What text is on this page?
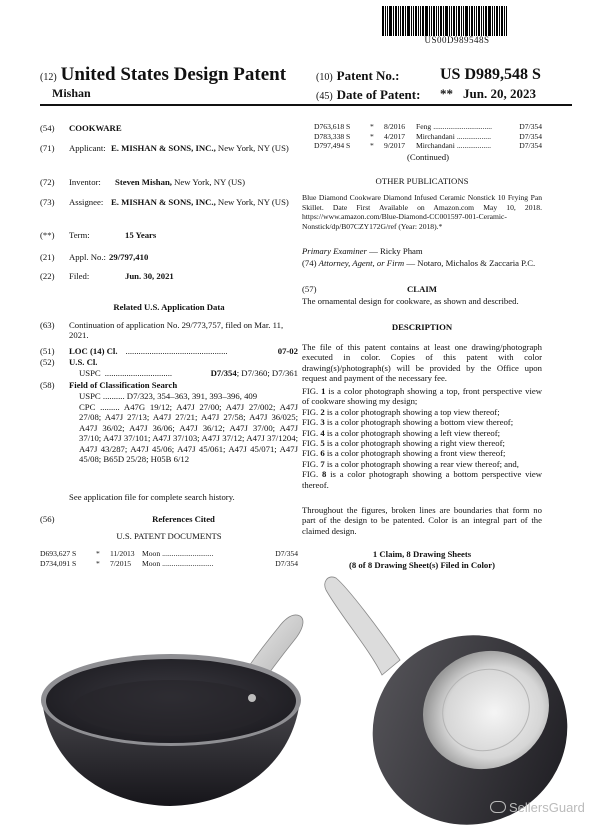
US00D989548S
(12) United States Design Patent
Mishan
(10) Patent No.:
(45) Date of Patent:
US D989,548 S
** Jun. 20, 2023
(54) COOKWARE
(71) Applicant: E. MISHAN & SONS, INC., New York, NY (US)
(72) Inventor: Steven Mishan, New York, NY (US)
(73) Assignee: E. MISHAN & SONS, INC., New York, NY (US)
(**) Term:	15 Years
(21) Appl. No.: 29/797,410
(22) Filed:	Jun. 30, 2021
Related U.S. Application Data
(63) Continuation of application No. 29/773,757, filed on Mar. 11, 2021.
(51) LOC (14) Cl. ...............................................	07-02
(52) U.S. Cl.
USPC ...............................	D7/354 ; D7/360; D7/361
(58) Field of Classification Search
USPC .......... D7/323, 354–363, 391, 393–396, 409
CPC ......... A47G 19/12; A47J 27/00; A47J 27/002; A47J 27/08; A47J 27/13; A47J 27/21; A47J 27/58; A47J 36/025; A47J 36/02; A47J 36/06; A47J 36/12; A47J 37/00; A47J 37/10; A47J 37/101; A47J 37/103; A47J 37/12; A47J 37/1204; A47J 43/287; A47J 45/06; A47J 45/061; A47J 45/071; A47J 45/08; B65D 25/28; H05B 6/12
See application file for complete search history.
(56)	References Cited
U.S. PATENT DOCUMENTS
D693,627 S	*	11/2013 Moon ...........................	D7/354
D734,091 S	*	7/2015	Moon ...........................	D7/354
D763,618 S	*	8/2016	Feng ...............................	D7/354
D783,338 S	*	4/2017	Mirchandani ..................	D7/354
D797,494 S	*	9/2017	Mirchandani ..................	D7/354
(Continued)
OTHER PUBLICATIONS
Blue Diamond Cookware Diamond Infused Ceramic Nonstick 10 Frying Pan Skillet. Date First Available on Amazon.com May 10, 2018. https://www.amazon.com/Blue-Diamond-CC001597-001-Ceramic-Nonstick/dp/B07CZY172G/ref (Year: 2018).*
Primary Examiner — Ricky Pham
(74) Attorney, Agent, or Firm — Notaro, Michalos & Zaccaria P.C.
(57)	CLAIM
The ornamental design for cookware, as shown and described.
DESCRIPTION
The file of this patent contains at least one drawing/photograph executed in color. Copies of this patent with color drawing(s)/photograph(s) will be provided by the Office upon request and payment of the necessary fee.
FIG. 1 is a color photograph showing a top, front perspective view of cookware showing my design;
FIG. 2 is a color photograph showing a top view thereof;
FIG. 3 is a color photograph showing a bottom view thereof;
FIG. 4 is a color photograph showing a left view thereof;
FIG. 5 is a color photograph showing a right view thereof;
FIG. 6 is a color photograph showing a front view thereof;
FIG. 7 is a color photograph showing a rear view thereof; and,
FIG. 8 is a color photograph showing a bottom perspective view thereof.
Throughout the figures, broken lines are boundaries that form no part of the design to be patented. Color is an integral part of the claimed design.
1 Claim, 8 Drawing Sheets
(8 of 8 Drawing Sheet(s) Filed in Color)
SellersGuard
